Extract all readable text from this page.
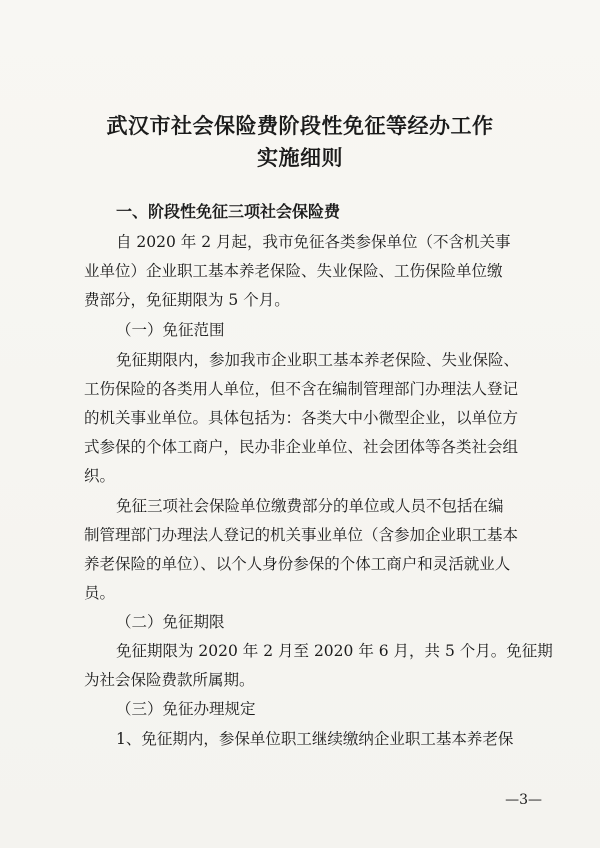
武汉市社会保险费阶段性免征等经办工作
实施细则
一、阶段性免征三项社会保险费
自 2020 年 2 月起，我市免征各类参保单位（不含机关事
业单位）企业职工基本养老保险、失业保险、工伤保险单位缴
费部分，免征期限为 5 个月。
（一）免征范围
免征期限内，参加我市企业职工基本养老保险、失业保险、
工伤保险的各类用人单位，但不含在编制管理部门办理法人登记
的机关事业单位。具体包括为：各类大中小微型企业，以单位方
式参保的个体工商户，民办非企业单位、社会团体等各类社会组
织。
免征三项社会保险单位缴费部分的单位或人员不包括在编
制管理部门办理法人登记的机关事业单位（含参加企业职工基本
养老保险的单位）、以个人身份参保的个体工商户和灵活就业人
员。
（二）免征期限
免征期限为 2020 年 2 月至 2020 年 6 月，共 5 个月。免征期
为社会保险费款所属期。
（三）免征办理规定
1、免征期内，参保单位职工继续缴纳企业职工基本养老保
—3—
